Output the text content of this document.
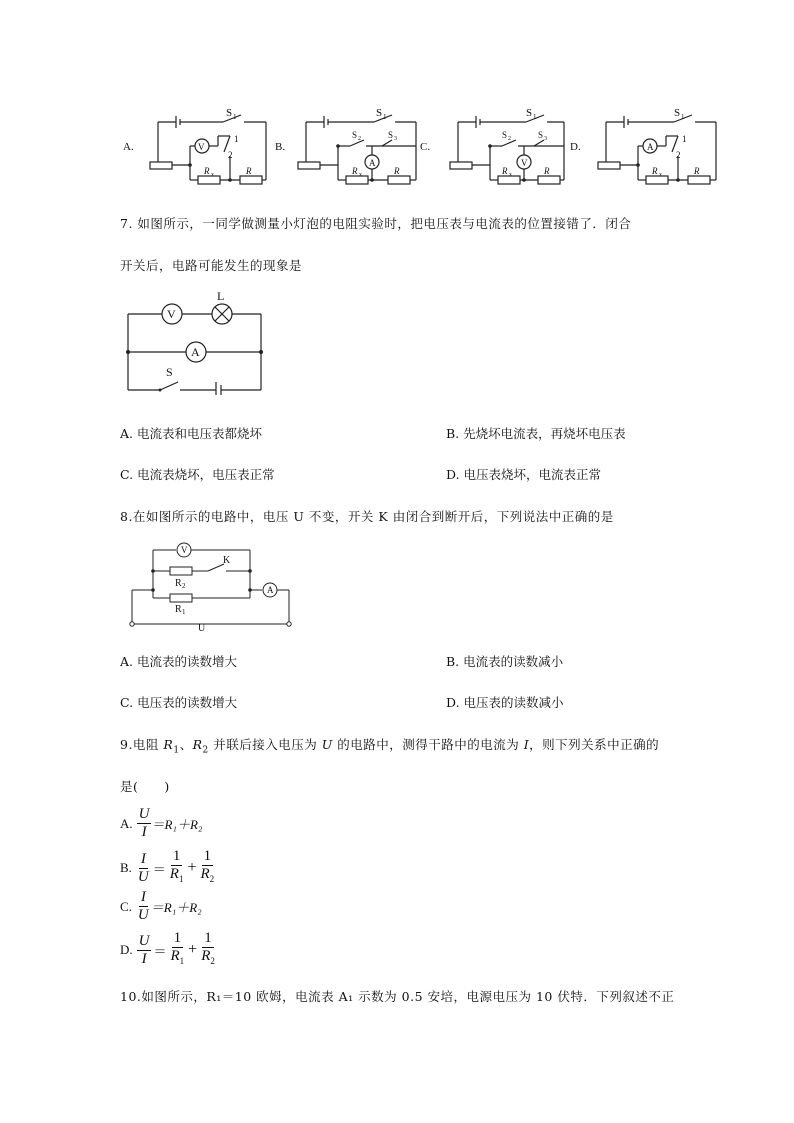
A.
S 1
1
2
V
R x	R
B.
S 1
S 2	S 3
A
R x	R
C.
S 1
S 2	S 3
V
R x	R
D.
S 1
1
2
A
R x	R
7. 如图所示，一同学做测量小灯泡的电阻实验时，把电压表与电流表的位置接错了．闭合
开关后，电路可能发生的现象是
V
L
A
S
A. 电流表和电压表都烧坏	B. 先烧坏电流表，再烧坏电压表
C. 电流表烧坏，电压表正常	D. 电压表烧坏，电流表正常
8.在如图所示的电路中，电压 U 不变，开关 K 由闭合到断开后，下列说法中正确的是
V
K
R 2
R 1
A
U
A. 电流表的读数增大	B. 电流表的读数减小
C. 电压表的读数增大	D. 电压表的读数减小
9.电阻 $R_1$、$R_2$ 并联后接入电压为 U 的电路中，测得干路中的电流为 I，则下列关系中正确的
是(　　)
A. $\frac{U}{I} =R_1+R_2$
B. $\frac{I}{U} = \frac{1}{R_1} + \frac{1}{R_2}$
C. $\frac{I}{U} =R_1+R_2$
D. $\frac{U}{I} = \frac{1}{R_1} + \frac{1}{R_2}$
10.如图所示，R₁＝10 欧姆，电流表 A₁ 示数为 0.5 安培，电源电压为 10 伏特．下列叙述不正
